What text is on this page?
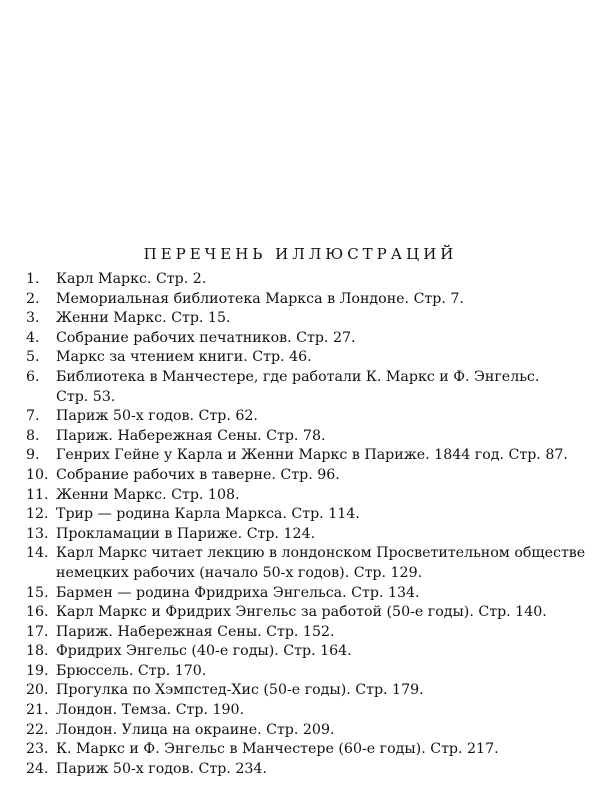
ПЕРЕЧЕНЬ ИЛЛЮСТРАЦИЙ
1.	Карл Маркс. Стр. 2.
2.	Мемориальная библиотека Маркса в Лондоне. Стр. 7.
3.	Женни Маркс. Стр. 15.
4.	Собрание рабочих печатников. Стр. 27.
5.	Маркс за чтением книги. Стр. 46.
6.	Библиотека в Манчестере, где работали К. Маркс и Ф. Энгельс.
Стр. 53.
7.	Париж 50-х годов. Стр. 62.
8.	Париж. Набережная Сены. Стр. 78.
9.	Генрих Гейне у Карла и Женни Маркс в Париже. 1844 год. Стр. 87.
10. Собрание рабочих в таверне. Стр. 96.
11. Женни Маркс. Стр. 108.
12. Трир — родина Карла Маркса. Стр. 114.
13. Прокламации в Париже. Стр. 124.
14. Карл Маркс читает лекцию в лондонском Просветительном обществе
немецких рабочих (начало 50-х годов). Стр. 129.
15. Бармен — родина Фридриха Энгельса. Стр. 134.
16. Карл Маркс и Фридрих Энгельс за работой (50-е годы). Стр. 140.
17. Париж. Набережная Сены. Стр. 152.
18. Фридрих Энгельс (40-е годы). Стр. 164.
19. Брюссель. Стр. 170.
20. Прогулка по Хэмпстед-Хис (50-е годы). Стр. 179.
21. Лондон. Темза. Стр. 190.
22. Лондон. Улица на окраине. Стр. 209.
23. К. Маркс и Ф. Энгельс в Манчестере (60-е годы). Стр. 217.
24. Париж 50-х годов. Стр. 234.
